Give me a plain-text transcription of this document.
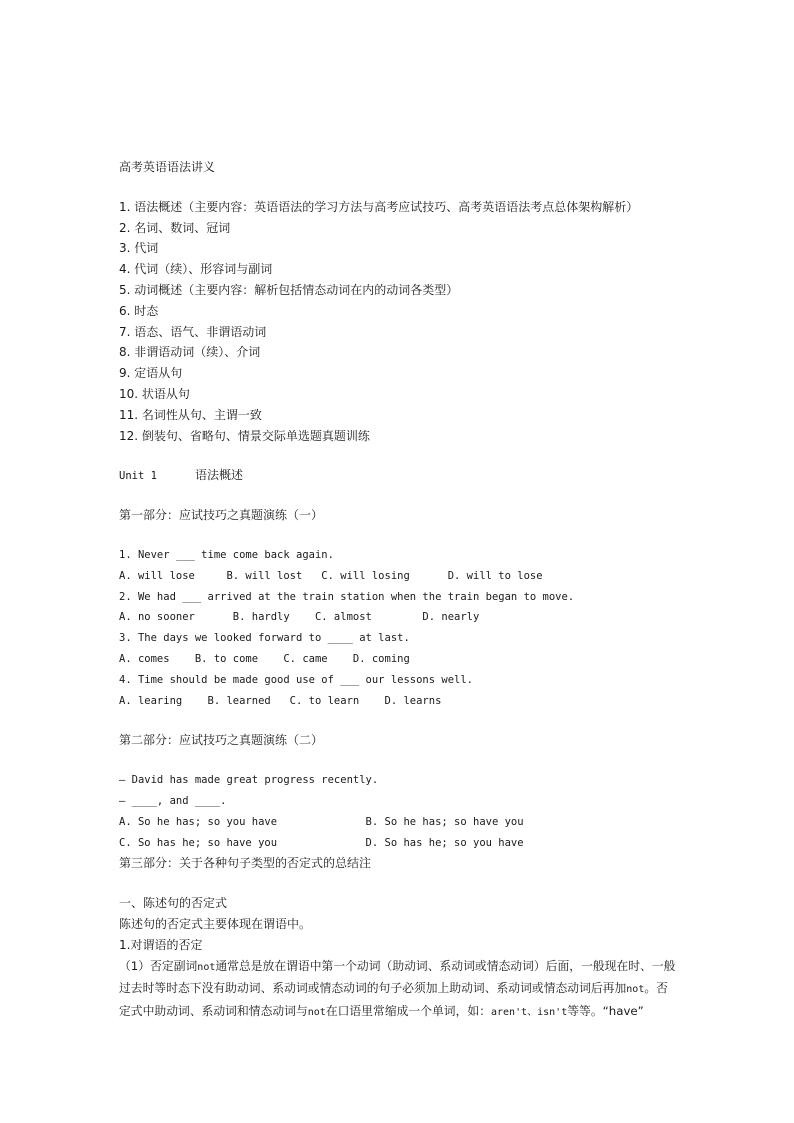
高考英语语法讲义
1. 语法概述（主要内容：英语语法的学习方法与高考应试技巧、高考英语语法考点总体架构解析）
2. 名词、数词、冠词
3. 代词
4. 代词（续）、形容词与副词
5. 动词概述（主要内容：解析包括情态动词在内的动词各类型）
6. 时态
7. 语态、语气、非谓语动词
8. 非谓语动词（续）、介词
9. 定语从句
10. 状语从句
11. 名词性从句、主谓一致
12. 倒装句、省略句、情景交际单选题真题训练
Unit 1	语法概述
第一部分：应试技巧之真题演练（一）
1. Never ___ time come back again.
A. will lose     B. will lost   C. will losing      D. will to lose
2. We had ___ arrived at the train station when the train began to move.
A. no sooner      B. hardly    C. almost        D. nearly
3. The days we looked forward to ____ at last.
A. comes    B. to come    C. came    D. coming
4. Time should be made good use of ___ our lessons well.
A. learing    B. learned   C. to learn    D. learns
第二部分：应试技巧之真题演练（二）
— David has made great progress recently.
— ____, and ____.
A. So he has; so you have              B. So he has; so have you
C. So has he; so have you              D. So has he; so you have
第三部分：关于各种句子类型的否定式的总结注
一、陈述句的否定式
陈述句的否定式主要体现在谓语中。
1.对谓语的否定
（1）否定副词not通常总是放在谓语中第一个动词（助动词、系动词或情态动词）后面，一般现在时、一般过去时等时态下没有助动词、系动词或情态动词的句子必须加上助动词、系动词或情态动词后再加not。否定式中助动词、系动词和情态动词与not在口语里常缩成一个单词，如：aren't、isn't等等。“have”
